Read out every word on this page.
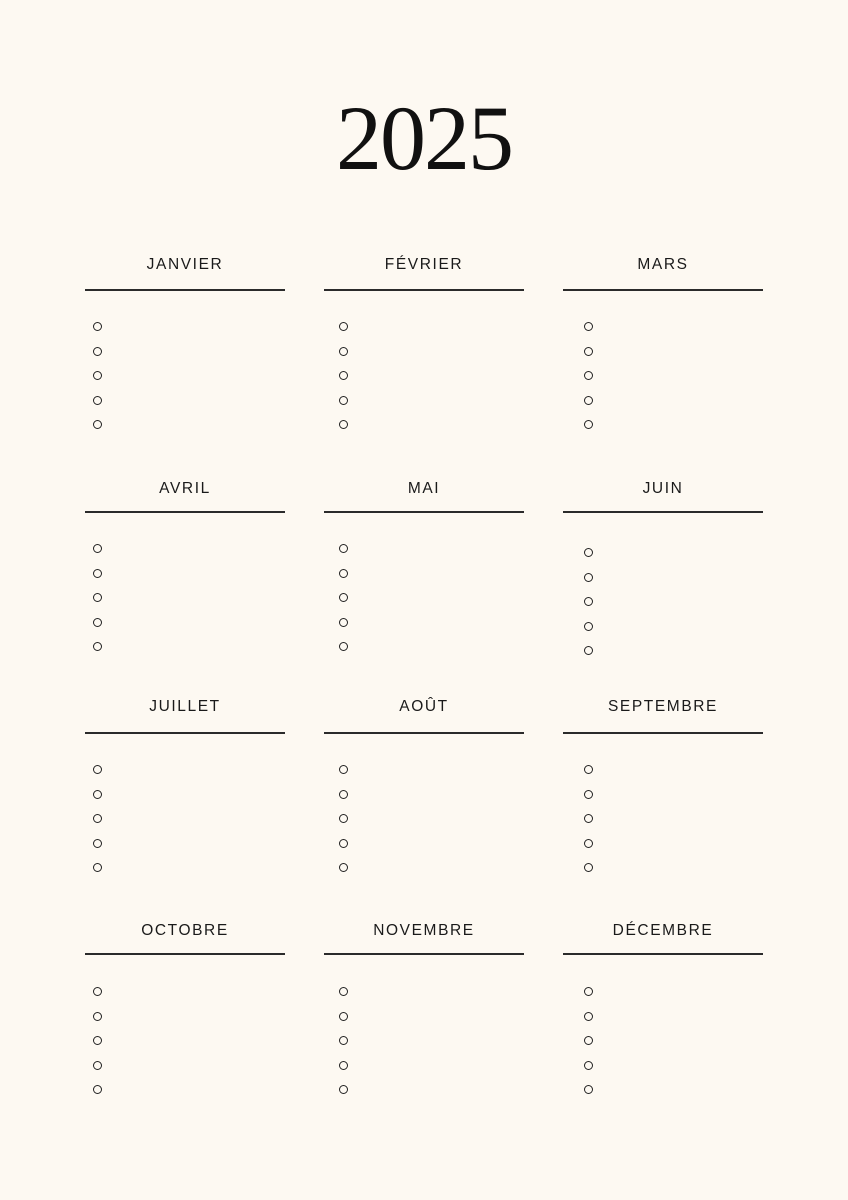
2025
JANVIER	FÉVRIER	MARS
AVRIL	MAI	JUIN
JUILLET	AOÛT	SEPTEMBRE
OCTOBRE	NOVEMBRE	DÉCEMBRE
